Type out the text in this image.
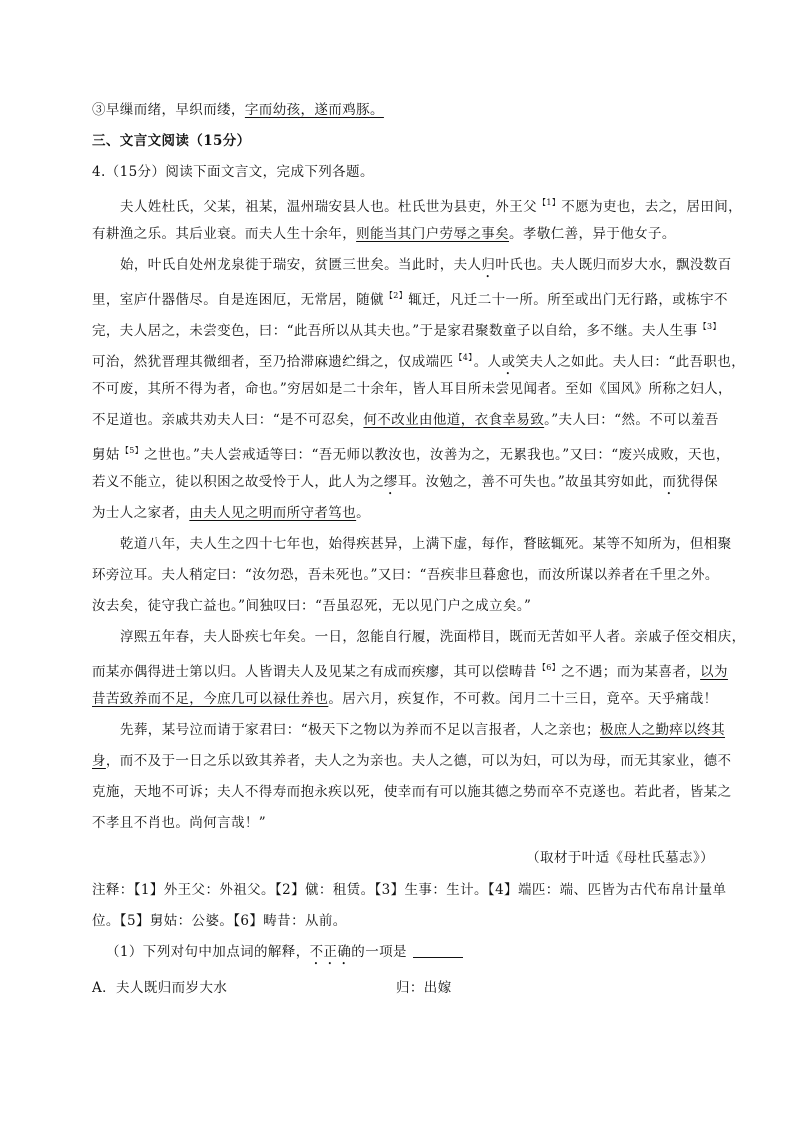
③早缫而绪，早织而缕，字而幼孩，遂而鸡豚。
三、文言文阅读（15分）
4.（15分）阅读下面文言文，完成下列各题。
夫人姓杜氏，父某，祖某，温州瑞安县人也。杜氏世为县吏，外王父$^{【1】}$不愿为吏也，去之，居田间，
有耕渔之乐。其后业衰。而夫人生十余年，则能当其门户劳辱之事矣。孝敬仁善，异于他女子。
始，叶氏自处州龙泉徙于瑞安，贫匮三世矣。当此时，夫人归叶氏也。夫人既归而岁大水，飘没数百
里，室庐什器偕尽。自是连困厄，无常居，随僦$^{【2】}$辄迁，凡迁二十一所。所至或出门无行路，或栋宇不
完，夫人居之，未尝变色，曰：“此吾所以从其夫也。”于是家君聚数童子以自给，多不继。夫人生事$^{【3】}$
可治，然犹晋理其微细者，至乃拾滞麻遗纻缉之，仅成端匹$^{【4】}$。人或笑夫人之如此。夫人曰：“此吾职也，
不可废，其所不得为者，命也。”穷居如是二十余年，皆人耳目所未尝见闻者。至如《国风》所称之妇人，
不足道也。亲戚共劝夫人曰：“是不可忍矣，何不改业由他道，衣食幸易致。”夫人曰：“然。不可以羞吾
舅姑$^{【5】}$之世也。”夫人尝戒适等曰：“吾无师以教汝也，汝善为之，无累我也。”又曰：“废兴成败，天也，
若义不能立，徒以积困之故受怜于人，此人为之缪耳。汝勉之，善不可失也。”故虽其穷如此，而犹得保
为士人之家者，由夫人见之明而所守者笃也。
乾道八年，夫人生之四十七年也，始得疾甚异，上满下虚，每作，瞀眩辄死。某等不知所为，但相聚
环旁泣耳。夫人稍定曰：“汝勿恐，吾未死也。”又曰：“吾疾非旦暮愈也，而汝所谋以养者在千里之外。
汝去矣，徒守我亡益也。”间独叹曰：“吾虽忍死，无以见门户之成立矣。”
淳熙五年春，夫人卧疾七年矣。一日，忽能自行履，洗面栉目，既而无苦如平人者。亲戚子侄交相庆，
而某亦偶得进士第以归。人皆谓夫人及见某之有成而疾瘳，其可以偿畴昔$^{【6】}$之不遇；而为某喜者，以为
昔苦致养而不足，今庶几可以禄仕养也。居六月，疾复作，不可救。闰月二十三日，竟卒。天乎痛哉！
先葬，某号泣而请于家君曰：“极天下之物以为养而不足以言报者，人之亲也；极庶人之勤瘁以终其
身，而不及于一日之乐以致其养者，夫人之为亲也。夫人之德，可以为妇，可以为母，而无其家业，德不
克施，天地不可诉；夫人不得寿而抱永疾以死，使幸而有可以施其德之势而卒不克遂也。若此者，皆某之
不孝且不肖也。尚何言哉！”
（取材于叶适《母杜氏墓志》）
注释：【1】外王父：外祖父。【2】僦：租赁。【3】生事：生计。【4】端匹：端、匹皆为古代布帛计量单
位。【5】舅姑：公婆。【6】畴昔：从前。
（1）下列对句中加点词的解释，不正确的一项是
A．夫人既归而岁大水	归：出嫁
